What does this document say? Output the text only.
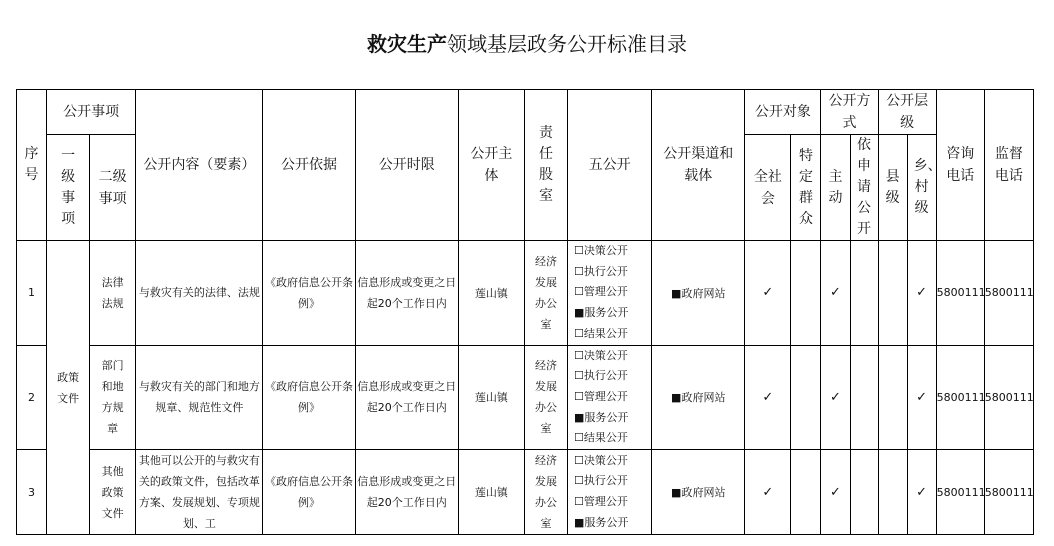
救灾生产领域基层政务公开标准目录
序号	公开事项		公开内容（要素）	公开依据	公开时限	公开主体	责任股室	五公开	公开渠道和载体	公开对象		公开方式		公开层级		咨询电话	监督电话
	一级事项	二级事项								全社会	特定群众	主动	依申请公开	县级	乡、村级		
1	政策文件	法律法规	与救灾有关的法律、法规	《政府信息公开条例》	信息形成或变更之日起20个工作日内	莲山镇	经济发展办公室	☐决策公开
☐执行公开
☐管理公开
■服务公开
☐结果公开	■政府网站	✓		✓			✓	5800111	5800111
2		部门和地方规章	与救灾有关的部门和地方规章、规范性文件	《政府信息公开条例》	信息形成或变更之日起20个工作日内	莲山镇	经济发展办公室	☐决策公开
☐执行公开
☐管理公开
■服务公开
☐结果公开	■政府网站	✓		✓			✓	5800111	5800111
3		其他政策文件	其他可以公开的与救灾有关的政策文件，包括改革方案、发展规划、专项规划、工	《政府信息公开条例》	信息形成或变更之日起20个工作日内	莲山镇	经济发展办公室	☐决策公开
☐执行公开
☐管理公开
■服务公开	■政府网站	✓		✓			✓	5800111	5800111
